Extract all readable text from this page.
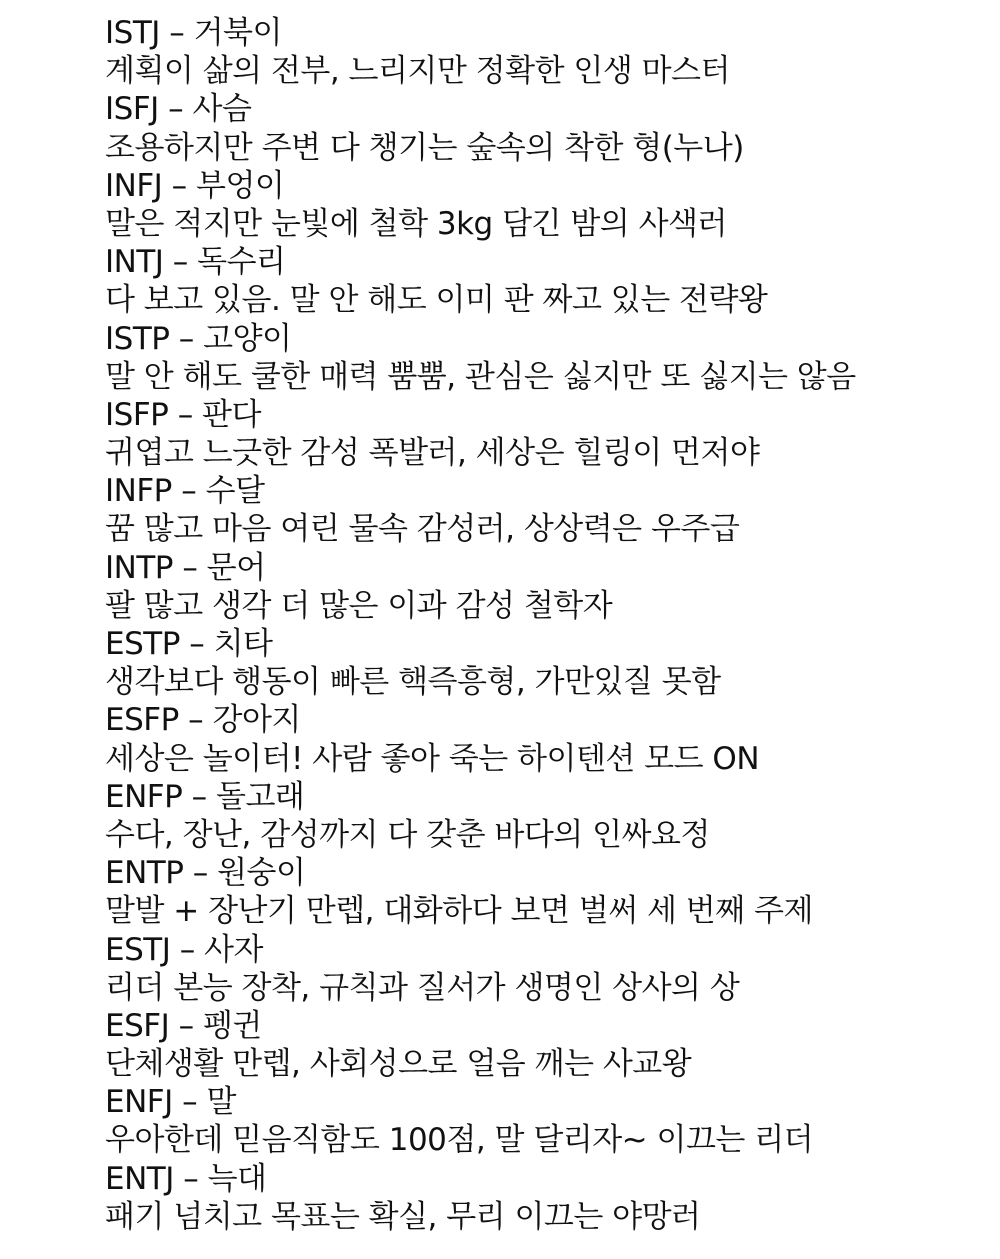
ISTJ – 거북이
계획이 삶의 전부, 느리지만 정확한 인생 마스터
ISFJ – 사슴
조용하지만 주변 다 챙기는 숲속의 착한 형(누나)
INFJ – 부엉이
말은 적지만 눈빛에 철학 3kg 담긴 밤의 사색러
INTJ – 독수리
다 보고 있음. 말 안 해도 이미 판 짜고 있는 전략왕
ISTP – 고양이
말 안 해도 쿨한 매력 뿜뿜, 관심은 싫지만 또 싫지는 않음
ISFP – 판다
귀엽고 느긋한 감성 폭발러, 세상은 힐링이 먼저야
INFP – 수달
꿈 많고 마음 여린 물속 감성러, 상상력은 우주급
INTP – 문어
팔 많고 생각 더 많은 이과 감성 철학자
ESTP – 치타
생각보다 행동이 빠른 핵즉흥형, 가만있질 못함
ESFP – 강아지
세상은 놀이터! 사람 좋아 죽는 하이텐션 모드 ON
ENFP – 돌고래
수다, 장난, 감성까지 다 갖춘 바다의 인싸요정
ENTP – 원숭이
말발 + 장난기 만렙, 대화하다 보면 벌써 세 번째 주제
ESTJ – 사자
리더 본능 장착, 규칙과 질서가 생명인 상사의 상
ESFJ – 펭귄
단체생활 만렙, 사회성으로 얼음 깨는 사교왕
ENFJ – 말
우아한데 믿음직함도 100점, 말 달리자~ 이끄는 리더
ENTJ – 늑대
패기 넘치고 목표는 확실, 무리 이끄는 야망러
